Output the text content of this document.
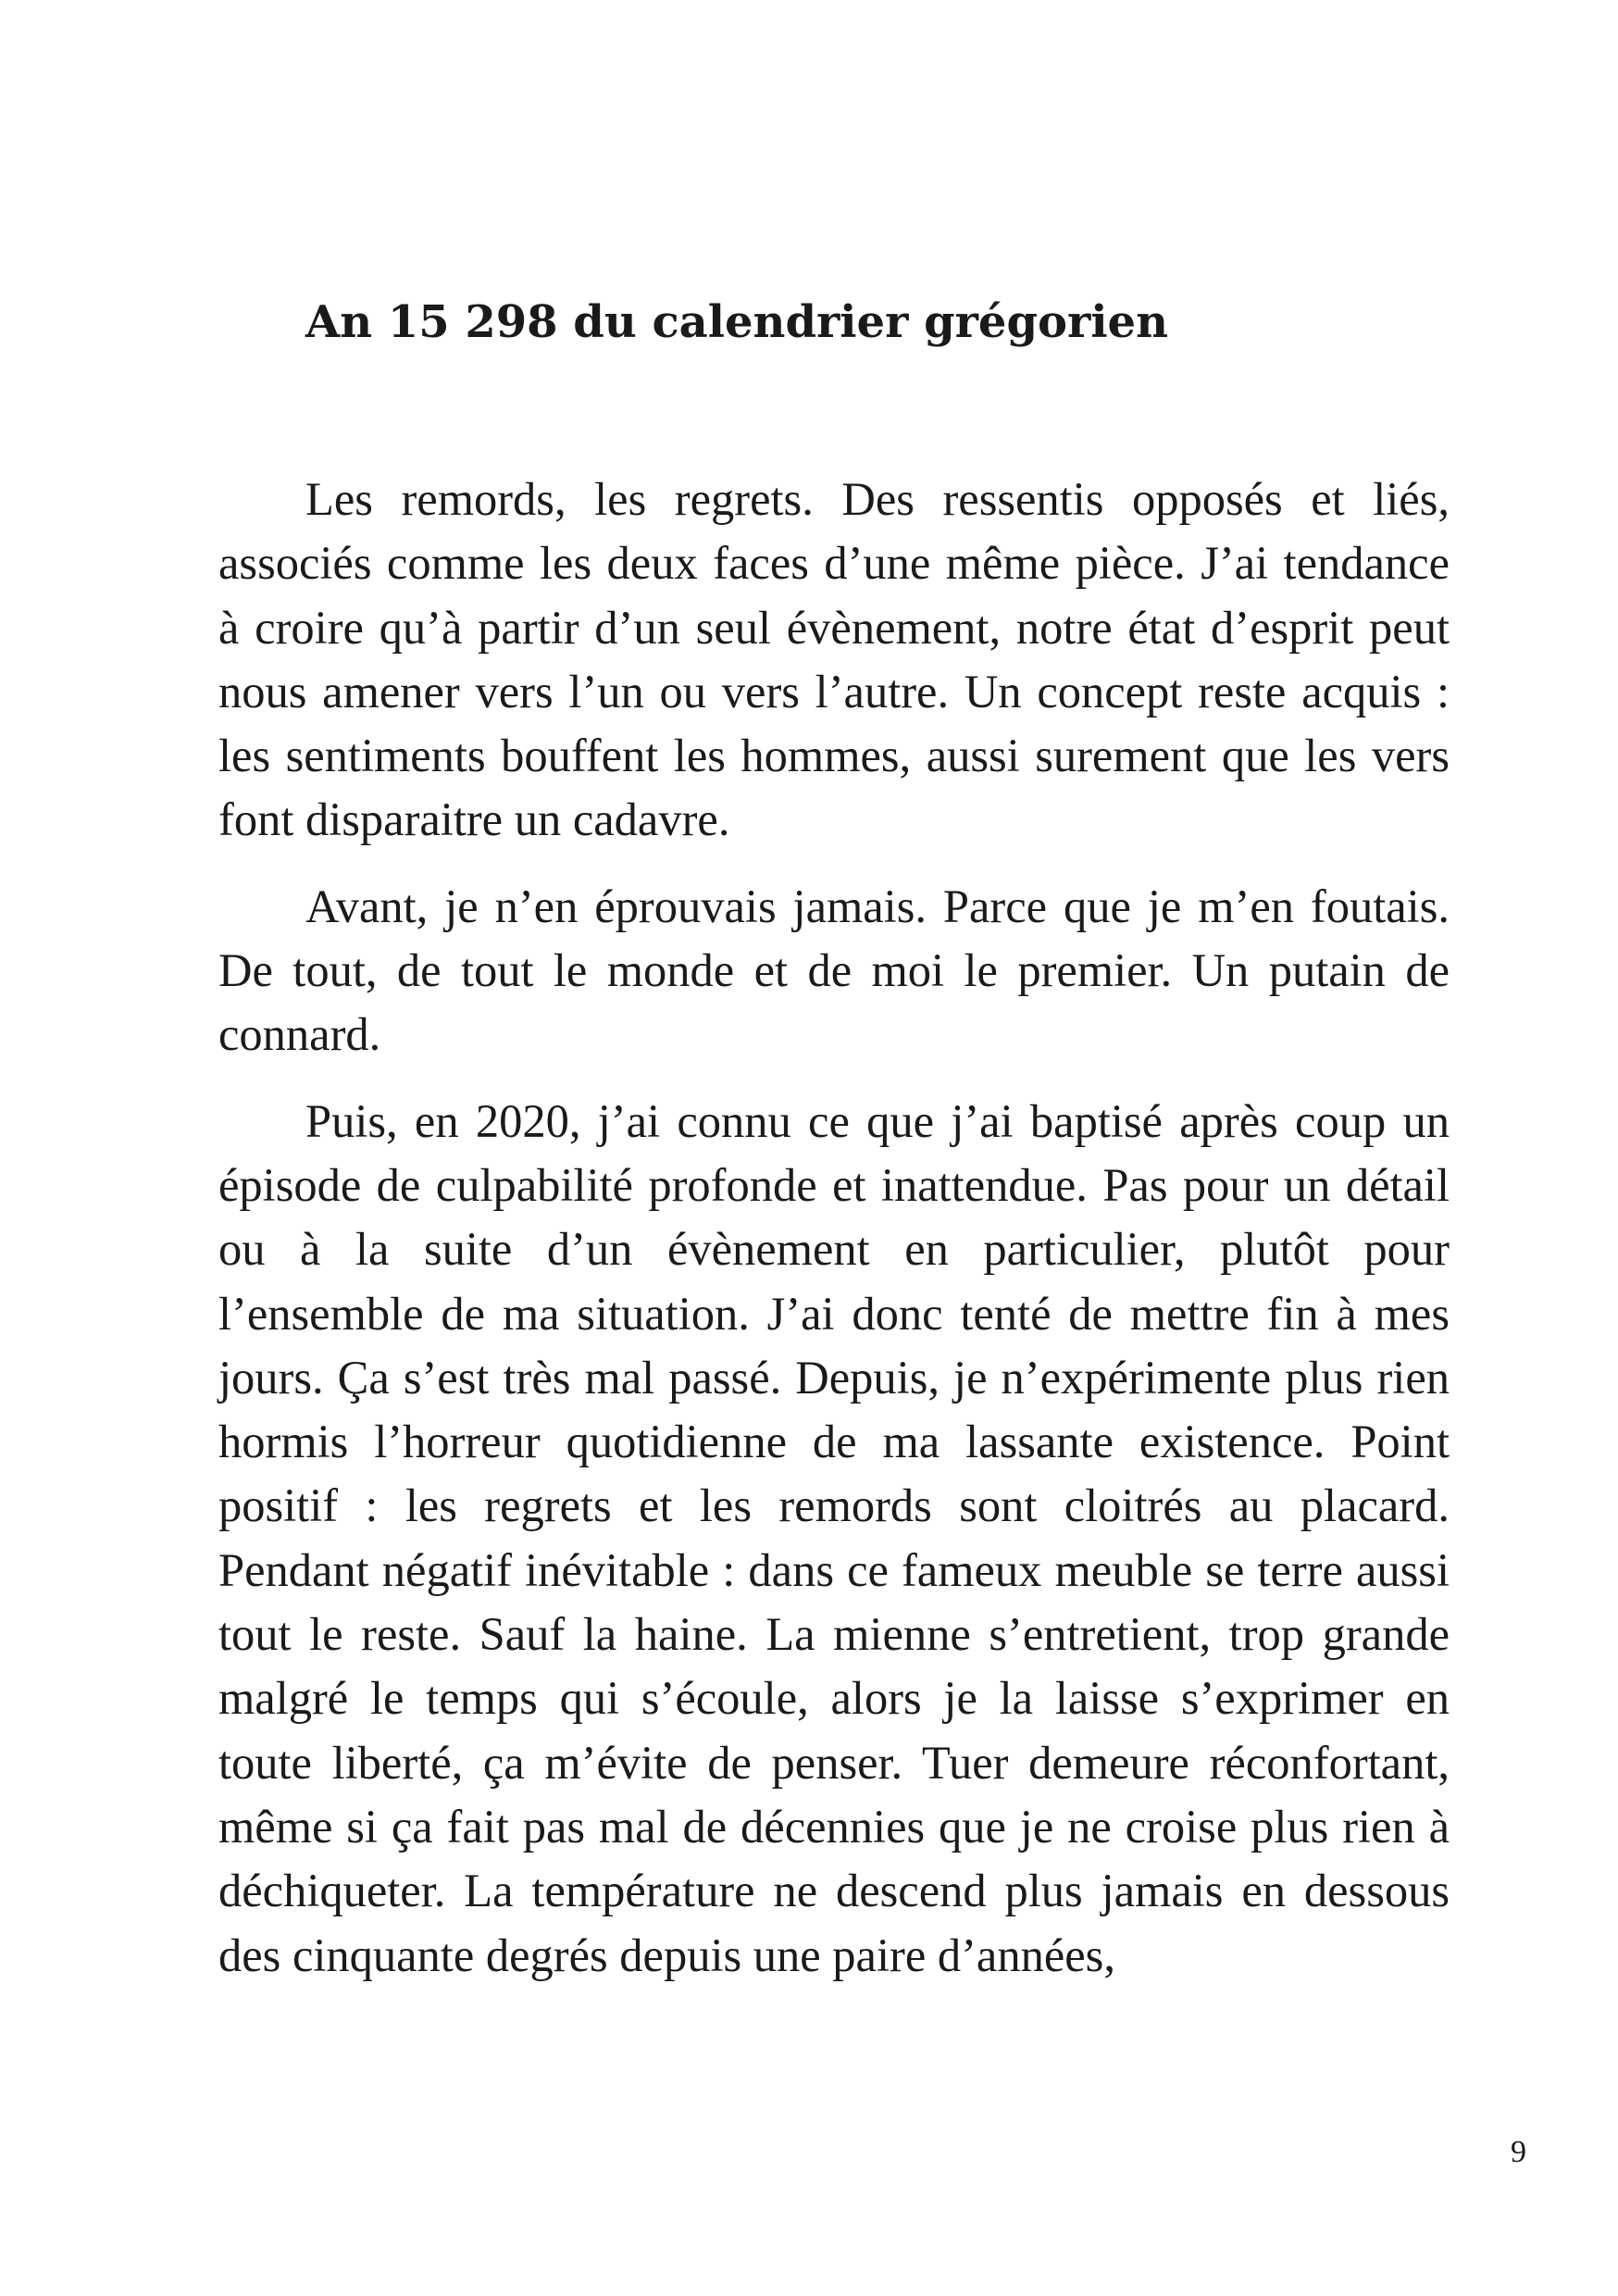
An 15 298 du calendrier grégorien

Les remords, les regrets. Des ressentis opposés et liés, associés comme les deux faces d’une même pièce. J’ai tendance à croire qu’à partir d’un seul évènement, notre état d’esprit peut nous amener vers l’un ou vers l’autre. Un concept reste acquis : les sentiments bouffent les hommes, aussi surement que les vers font disparaitre un cadavre.

Avant, je n’en éprouvais jamais. Parce que je m’en foutais. De tout, de tout le monde et de moi le premier. Un putain de connard.

Puis, en 2020, j’ai connu ce que j’ai baptisé après coup un épisode de culpabilité profonde et inattendue. Pas pour un détail ou à la suite d’un évènement en particulier, plutôt pour l’ensemble de ma situation. J’ai donc tenté de mettre fin à mes jours. Ça s’est très mal passé. Depuis, je n’expérimente plus rien hormis l’horreur quotidienne de ma lassante existence. Point positif : les regrets et les remords sont cloitrés au placard. Pendant négatif inévitable : dans ce fameux meuble se terre aussi tout le reste. Sauf la haine. La mienne s’entretient, trop grande malgré le temps qui s’écoule, alors je la laisse s’exprimer en toute liberté, ça m’évite de penser. Tuer demeure réconfortant, même si ça fait pas mal de décennies que je ne croise plus rien à déchiqueter. La température ne descend plus jamais en dessous des cinquante degrés depuis une paire d’années,

9
